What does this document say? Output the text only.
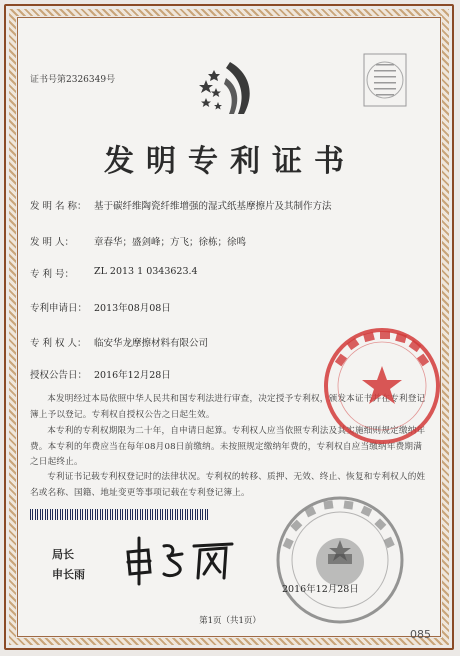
证书号第2326349号
发明专利证书
发 明 名 称： 基于碳纤维陶瓷纤维增强的湿式纸基摩擦片及其制作方法
发 明 人：	章春华；盛剑峰；方飞；徐栋；徐鸣
专 利 号：	ZL 2013 1 0343623.4
专利申请日： 2013年08月08日
专 利 权 人： 临安华龙摩擦材料有限公司
授权公告日： 2016年12月28日
本发明经过本局依照中华人民共和国专利法进行审查，决定授予专利权，颁发本证书并在专利登记簿上予以登记。专利权自授权公告之日起生效。
本专利的专利权期限为二十年，自申请日起算。专利权人应当依照专利法及其实施细则规定缴纳年费。本专利的年费应当在每年08月08日前缴纳。未按照规定缴纳年费的，专利权自应当缴纳年费期满之日起终止。
专利证书记载专利权登记时的法律状况。专利权的转移、质押、无效、终止、恢复和专利权人的姓名或名称、国籍、地址变更等事项记载在专利登记簿上。
局长
申长雨
2016年12月28日
第1页（共1页）
085
